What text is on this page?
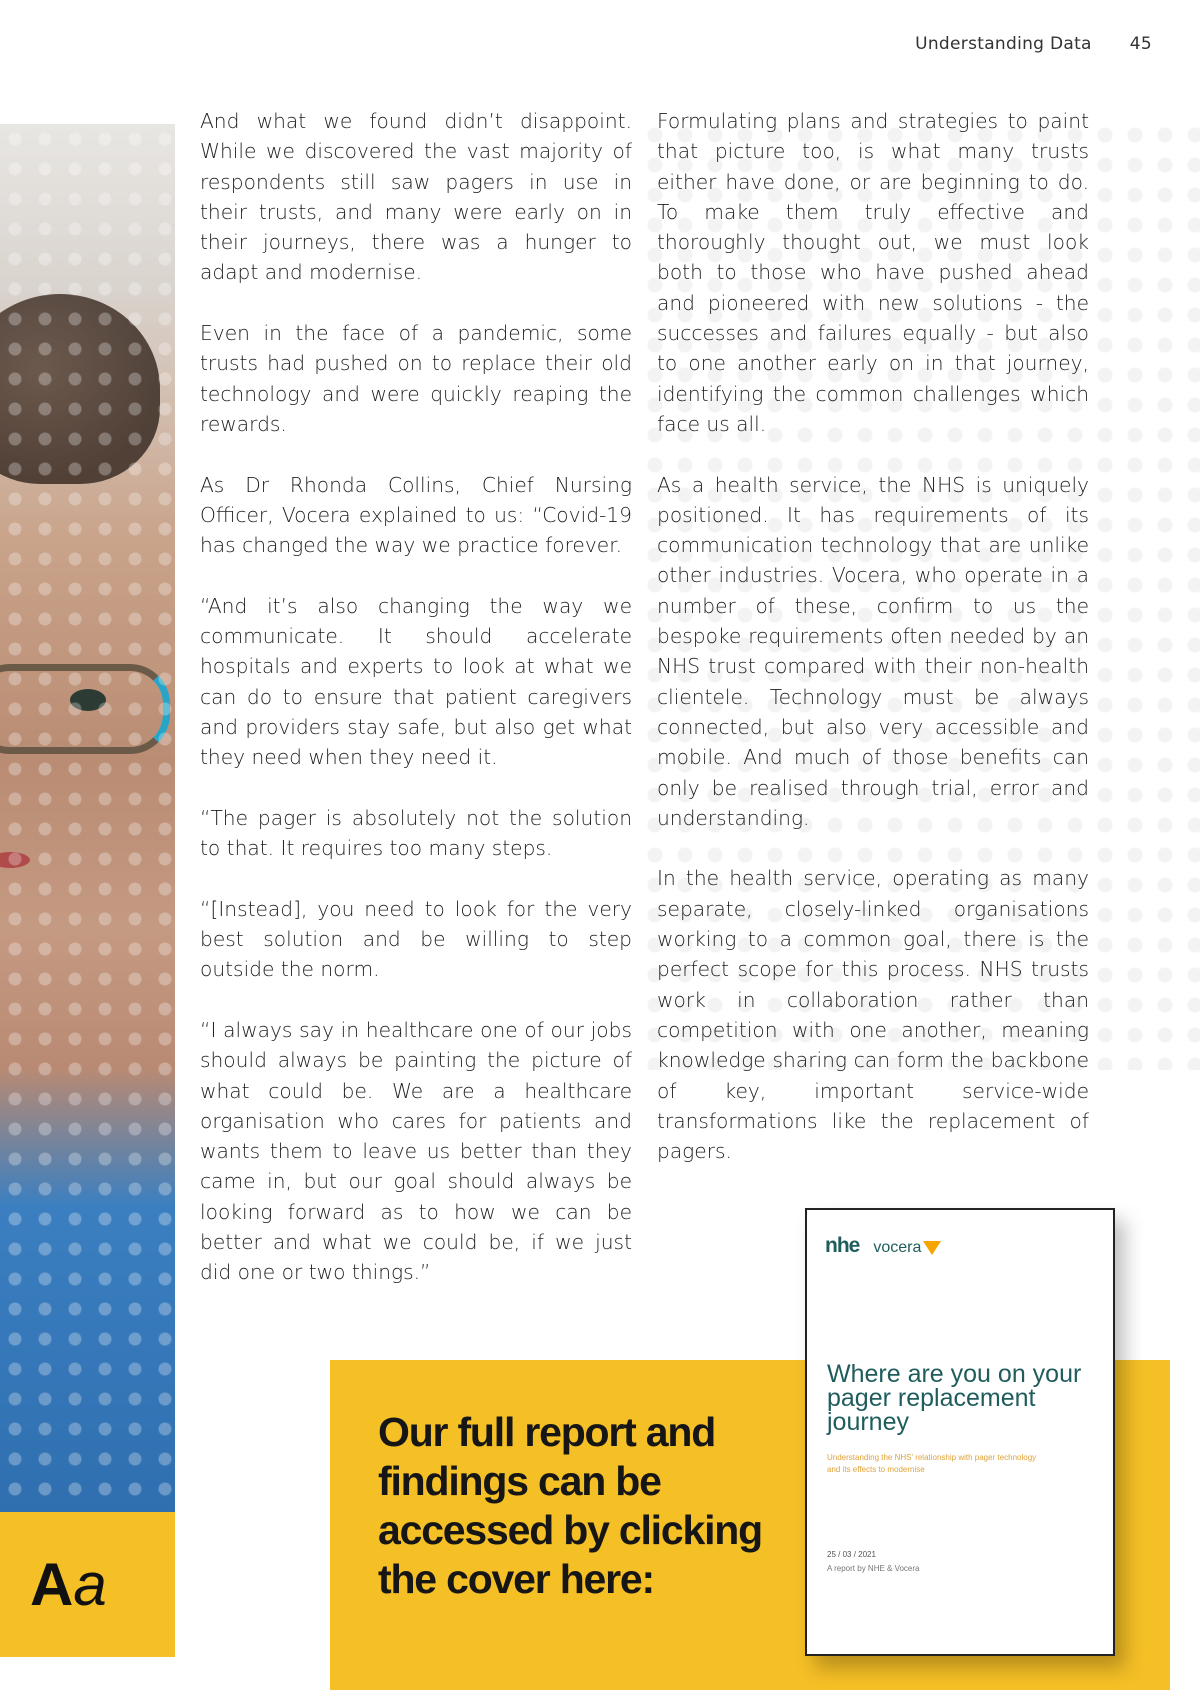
Understanding Data 45
Aa

And what we found didn’t disappoint. While we discovered the vast majority of respondents still saw pagers in use in their trusts, and many were early on in their journeys, there was a hunger to adapt and modernise.

Even in the face of a pandemic, some trusts had pushed on to replace their old technology and were quickly reaping the rewards.

As Dr Rhonda Collins, Chief Nursing Officer, Vocera explained to us: “Covid-19 has changed the way we practice forever.

“And it’s also changing the way we communicate. It should accelerate hospitals and experts to look at what we can do to ensure that patient caregivers and providers stay safe, but also get what they need when they need it.

“The pager is absolutely not the solution to that. It requires too many steps.

“[Instead], you need to look for the very best solution and be willing to step outside the norm.

“I always say in healthcare one of our jobs should always be painting the picture of what could be. We are a healthcare organisation who cares for patients and wants them to leave us better than they came in, but our goal should always be looking forward as to how we can be better and what we could be, if we just did one or two things.”

Formulating plans and strategies to paint that picture too, is what many trusts either have done, or are beginning to do. To make them truly effective and thoroughly thought out, we must look both to those who have pushed ahead and pioneered with new solutions - the successes and failures equally - but also to one another early on in that journey, identifying the common challenges which face us all.

As a health service, the NHS is uniquely positioned. It has requirements of its communication technology that are unlike other industries. Vocera, who operate in a number of these, confirm to us the bespoke requirements often needed by an NHS trust compared with their non-health clientele. Technology must be always connected, but also very accessible and mobile. And much of those benefits can only be realised through trial, error and understanding.

In the health service, operating as many separate, closely-linked organisations working to a common goal, there is the perfect scope for this process. NHS trusts work in collaboration rather than competition with one another, meaning knowledge sharing can form the backbone of key, important service-wide transformations like the replacement of pagers.

Our full report and findings can be accessed by clicking the cover here:
nhe vocera
Where are you on your pager replacement journey
Understanding the NHS’ relationship with pager technology and its effects to modernise
25 / 03 / 2021
A report by NHE & Vocera
